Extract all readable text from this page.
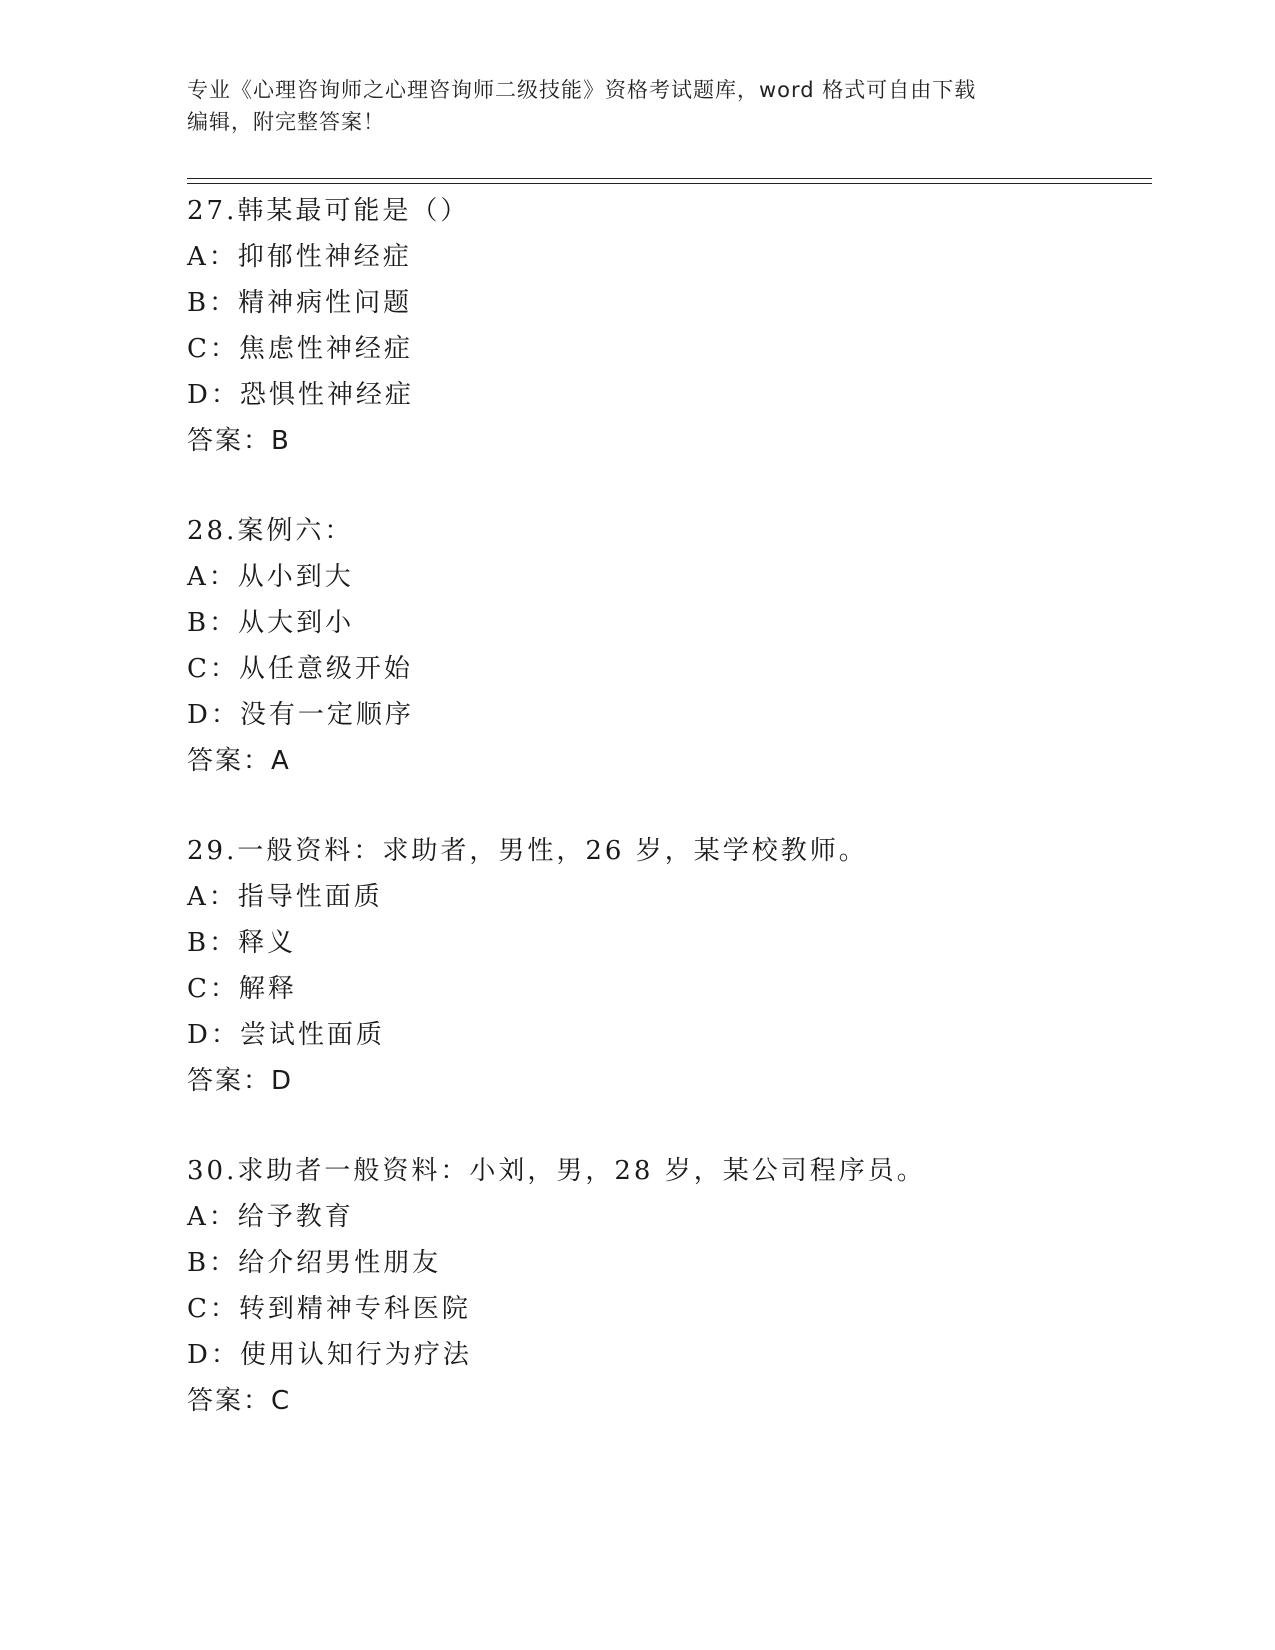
专业《心理咨询师之心理咨询师二级技能》资格考试题库，word 格式可自由下载
编辑，附完整答案！
27.韩某最可能是（）
A：抑郁性神经症
B：精神病性问题
C：焦虑性神经症
D：恐惧性神经症
答案：B
28.案例六：
A：从小到大
B：从大到小
C：从任意级开始
D：没有一定顺序
答案：A
29.一般资料：求助者，男性，26 岁，某学校教师。
A：指导性面质
B：释义
C：解释
D：尝试性面质
答案：D
30.求助者一般资料：小刘，男，28 岁，某公司程序员。
A：给予教育
B：给介绍男性朋友
C：转到精神专科医院
D：使用认知行为疗法
答案：C
